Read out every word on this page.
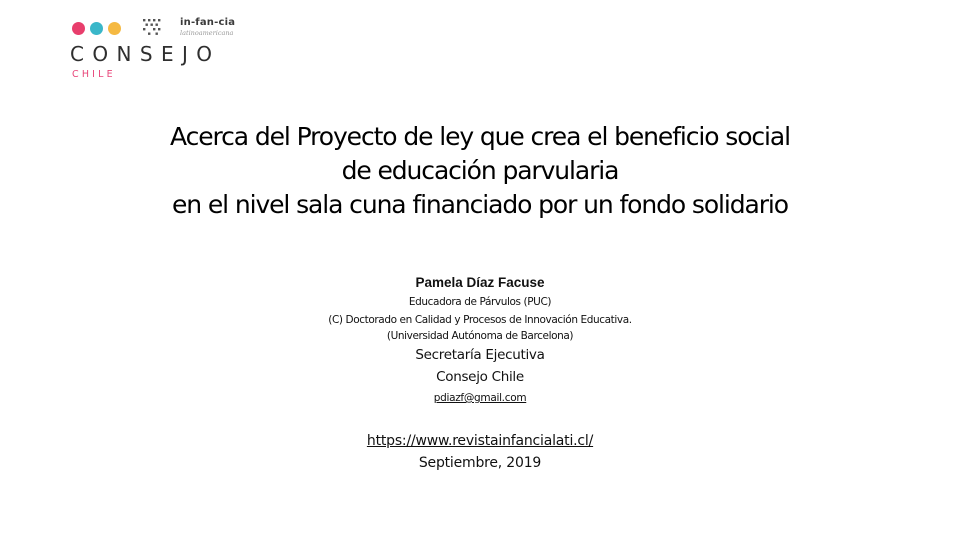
in-fan-cia
latinoamericana
CONSEJO
CHILE
Acerca del Proyecto de ley que crea el beneficio social
de educación parvularia
en el nivel sala cuna financiado por un fondo solidario
Pamela Díaz Facuse
Educadora de Párvulos (PUC)
(C) Doctorado en Calidad y Procesos de Innovación Educativa.
(Universidad Autónoma de Barcelona)
Secretaría Ejecutiva
Consejo Chile
pdiazf@gmail.com
https://www.revistainfancialati.cl/
Septiembre, 2019
